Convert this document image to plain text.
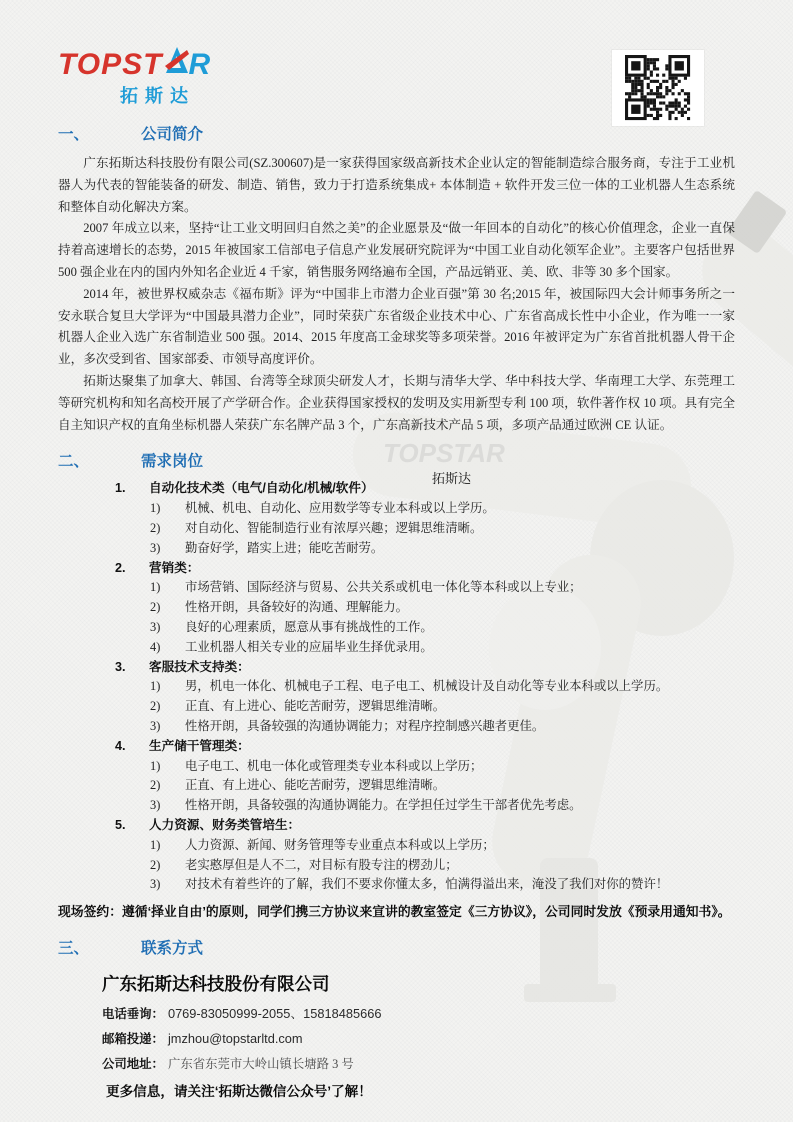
TOPSTAR
拓斯达
TOPST R
拓斯达
一、	公司简介

广东拓斯达科技股份有限公司(SZ.300607)是一家获得国家级高新技术企业认定的智能制造综合服务商，专注于工业机器人为代表的智能装备的研发、制造、销售，致力于打造系统集成+ 本体制造 + 软件开发三位一体的工业机器人生态系统和整体自动化解决方案。

2007 年成立以来，坚持“让工业文明回归自然之美”的企业愿景及“做一年回本的自动化”的核心价值理念，企业一直保持着高速增长的态势，2015 年被国家工信部电子信息产业发展研究院评为“中国工业自动化领军企业”。主要客户包括世界 500 强企业在内的国内外知名企业近 4 千家，销售服务网络遍布全国，产品远销亚、美、欧、非等 30 多个国家。

2014 年，被世界权威杂志《福布斯》评为“中国非上市潜力企业百强”第 30 名;2015 年，被国际四大会计师事务所之一安永联合复旦大学评为“中国最具潜力企业”，同时荣获广东省级企业技术中心、广东省高成长性中小企业，作为唯一一家机器人企业入选广东省制造业 500 强。2014、2015 年度高工金球奖等多项荣誉。2016 年被评定为广东省首批机器人骨干企业，多次受到省、国家部委、市领导高度评价。

拓斯达聚集了加拿大、韩国、台湾等全球顶尖研发人才，长期与清华大学、华中科技大学、华南理工大学、东莞理工等研究机构和知名高校开展了产学研合作。企业获得国家授权的发明及实用新型专利 100 项，软件著作权 10 项。具有完全自主知识产权的直角坐标机器人荣获广东名牌产品 3 个，广东高新技术产品 5 项，多项产品通过欧洲 CE 认证。

二、	需求岗位
1.	自动化技术类（电气/自动化/机械/软件）
1)	机械、机电、自动化、应用数学等专业本科或以上学历。
2)	对自动化、智能制造行业有浓厚兴趣；逻辑思维清晰。
3)	勤奋好学，踏实上进；能吃苦耐劳。
2.	营销类：
1)	市场营销、国际经济与贸易、公共关系或机电一体化等本科或以上专业；
2)	性格开朗，具备较好的沟通、理解能力。
3)	良好的心理素质，愿意从事有挑战性的工作。
4)	工业机器人相关专业的应届毕业生择优录用。
3.	客服技术支持类：
1)	男，机电一体化、机械电子工程、电子电工、机械设计及自动化等专业本科或以上学历。
2)	正直、有上进心、能吃苦耐劳，逻辑思维清晰。
3)	性格开朗，具备较强的沟通协调能力；对程序控制感兴趣者更佳。
4.	生产储干管理类：
1)	电子电工、机电一体化或管理类专业本科或以上学历；
2)	正直、有上进心、能吃苦耐劳，逻辑思维清晰。
3)	性格开朗，具备较强的沟通协调能力。在学担任过学生干部者优先考虑。
5.	人力资源、财务类管培生：
1)	人力资源、新闻、财务管理等专业重点本科或以上学历；
2)	老实憨厚但是人不二，对目标有股专注的楞劲儿；
3)	对技术有着些许的了解，我们不要求你懂太多，怕满得溢出来，淹没了我们对你的赞许！
现场签约：遵循‘择业自由’的原则，同学们携三方协议来宣讲的教室签定《三方协议》，公司同时发放《预录用通知书》。
三、	联系方式
广东拓斯达科技股份有限公司
电话垂询： 0769-83050999-2055、15818485666
邮箱投递： jmzhou@topstarltd.com
公司地址： 广东省东莞市大岭山镇长塘路 3 号
更多信息，请关注‘拓斯达微信公众号’了解！
